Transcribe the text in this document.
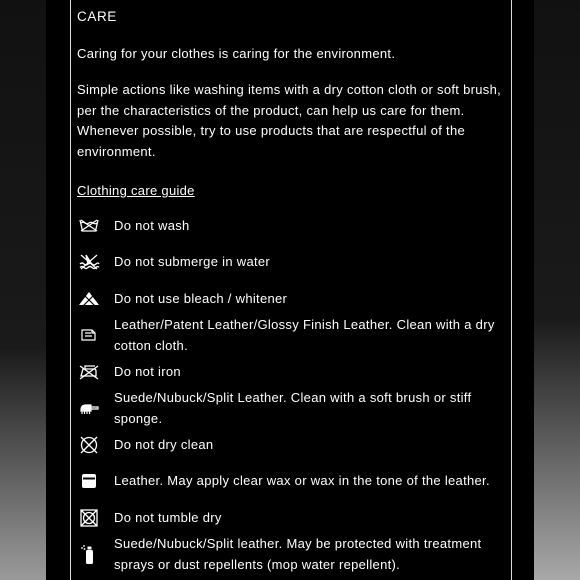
CARE
Caring for your clothes is caring for the environment.
Simple actions like washing items with a dry cotton cloth or soft brush, per the characteristics of the product, can help us care for them. Whenever possible, try to use products that are respectful of the environment.
Clothing care guide
Do not wash
Do not submerge in water
Do not use bleach / whitener
Leather/Patent Leather/Glossy Finish Leather. Clean with a dry cotton cloth.
Do not iron
Suede/Nubuck/Split Leather. Clean with a soft brush or stiff sponge.
Do not dry clean
Leather. May apply clear wax or wax in the tone of the leather.
Do not tumble dry
Suede/Nubuck/Split leather. May be protected with treatment sprays or dust repellents (mop water repellent).
